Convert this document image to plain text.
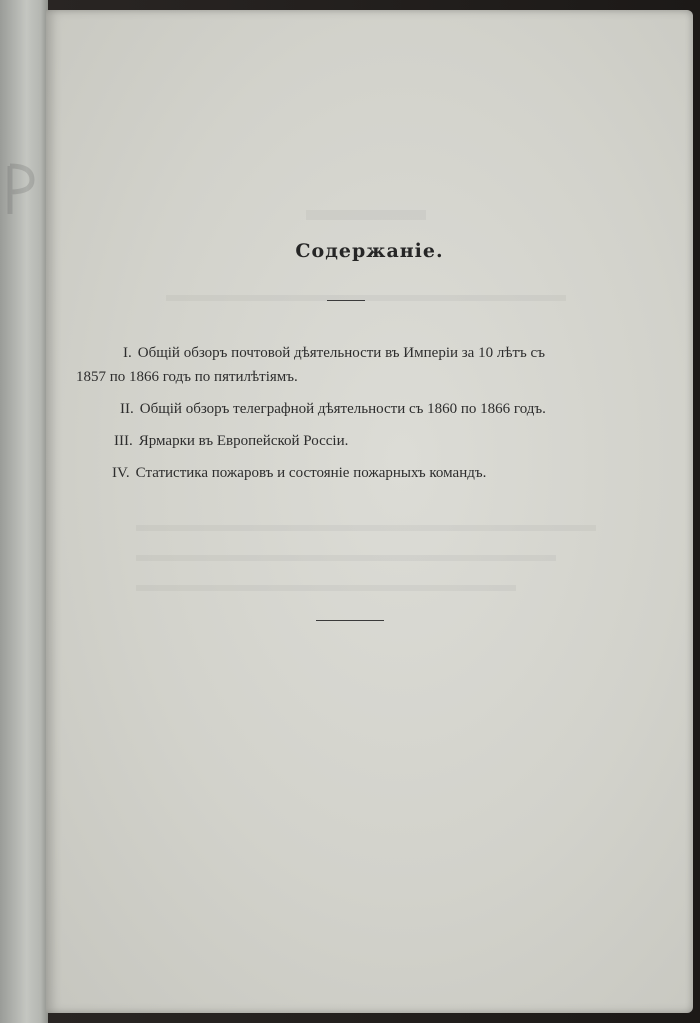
Содержаніе.
I. Общій обзоръ почтовой дѣятельности въ Имперіи за 10 лѣтъ съ
1857 по 1866 годъ по пятилѣтіямъ.
II. Общій обзоръ телеграфной дѣятельности съ 1860 по 1866 годъ.
III. Ярмарки въ Европейской Россіи.
IV. Статистика пожаровъ и состояніе пожарныхъ командъ.
